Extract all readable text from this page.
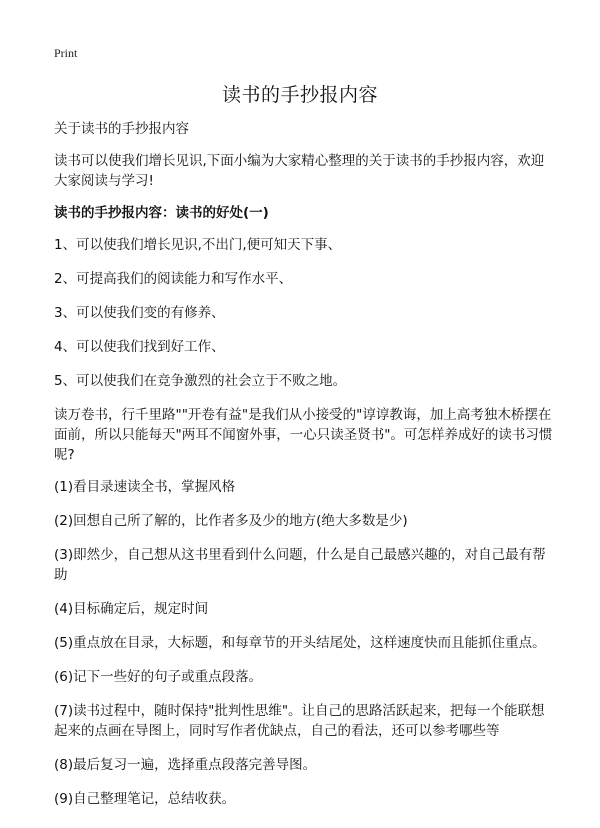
Print
读书的手抄报内容

关于读书的手抄报内容

读书可以使我们增长见识,下面小编为大家精心整理的关于读书的手抄报内容，欢迎大家阅读与学习!

读书的手抄报内容：读书的好处(一)

1、可以使我们增长见识,不出门,便可知天下事、

2、可提高我们的阅读能力和写作水平、

3、可以使我们变的有修养、

4、可以使我们找到好工作、

5、可以使我们在竞争激烈的社会立于不败之地。

读万卷书，行千里路""开卷有益"是我们从小接受的"谆谆教诲，加上高考独木桥摆在面前，所以只能每天"两耳不闻窗外事，一心只读圣贤书"。可怎样养成好的读书习惯呢?

(1)看目录速读全书，掌握风格

(2)回想自己所了解的，比作者多及少的地方(绝大多数是少)

(3)即然少，自己想从这书里看到什么问题，什么是自己最感兴趣的，对自己最有帮助

(4)目标确定后，规定时间

(5)重点放在目录，大标题，和每章节的开头结尾处，这样速度快而且能抓住重点。

(6)记下一些好的句子或重点段落。

(7)读书过程中，随时保持"批判性思维"。让自己的思路活跃起来，把每一个能联想起来的点画在导图上，同时写作者优缺点，自己的看法，还可以参考哪些等

(8)最后复习一遍，选择重点段落完善导图。

(9)自己整理笔记，总结收获。
